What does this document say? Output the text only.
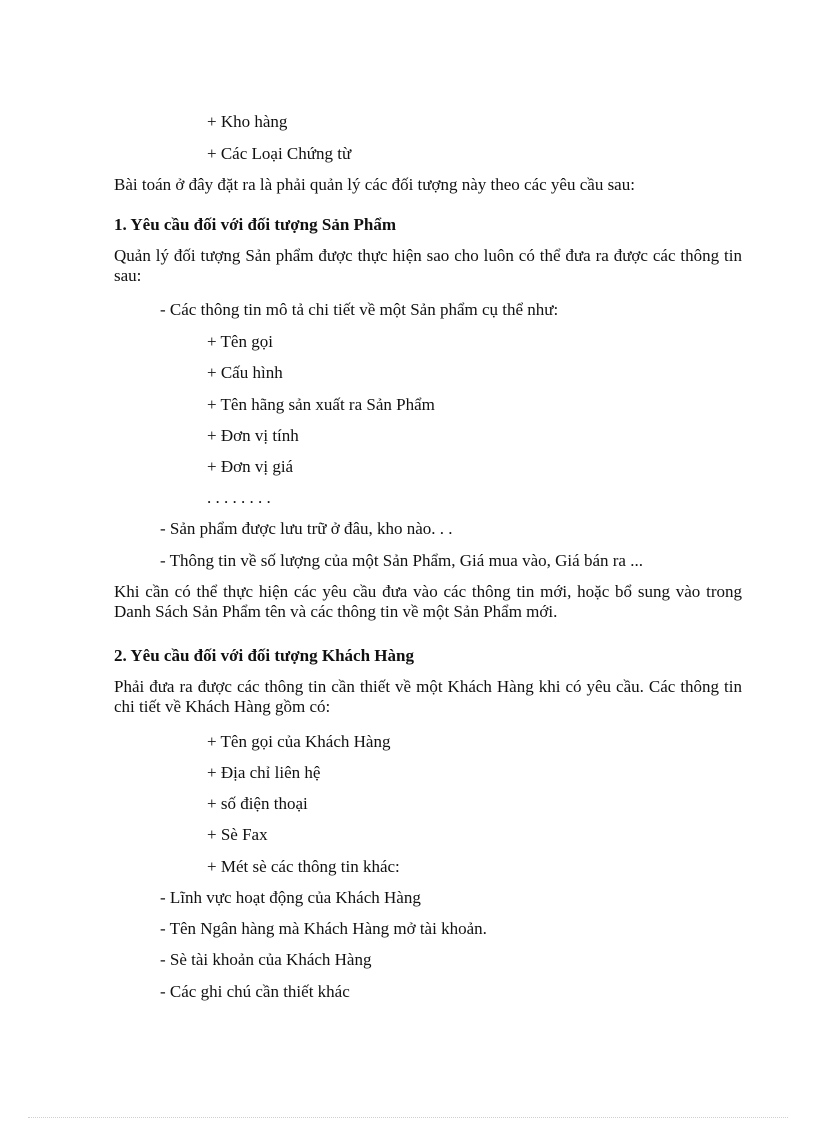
+ Kho hàng
+ Các Loại Chứng từ
Bài toán ở đây đặt ra là phải quản lý các đối tượng này theo các yêu cầu sau:
1. Yêu cầu đối với đối tượng Sản Phẩm
Quản lý đối tượng Sản phẩm được thực hiện sao cho luôn có thể đưa ra được các thông tin sau:
- Các thông tin mô tả chi tiết về một Sản phẩm cụ thể như:
+ Tên gọi
+ Cấu hình
+ Tên hãng sản xuất ra Sản Phẩm
+ Đơn vị tính
+ Đơn vị giá
. . . . . . . .
- Sản phẩm được lưu trữ ở đâu, kho nào. . .
- Thông tin về số lượng của một Sản Phẩm, Giá mua vào, Giá bán ra ...
Khi cần có thể thực hiện các yêu cầu đưa vào các thông tin mới, hoặc bổ sung vào trong Danh Sách Sản Phẩm tên và các thông tin về một Sản Phẩm mới.
2. Yêu cầu đối với đối tượng Khách Hàng
Phải đưa ra được các thông tin cần thiết về một Khách Hàng khi có yêu cầu. Các thông tin chi tiết về Khách Hàng gồm có:
+ Tên gọi của Khách Hàng
+ Địa chỉ liên hệ
+ số điện thoại
+ Sè Fax
+ Mét sè các thông tin khác:
- Lĩnh vực hoạt động của Khách Hàng
- Tên Ngân hàng mà Khách Hàng mở tài khoản.
- Sè tài khoản của Khách Hàng
- Các ghi chú cần thiết khác
